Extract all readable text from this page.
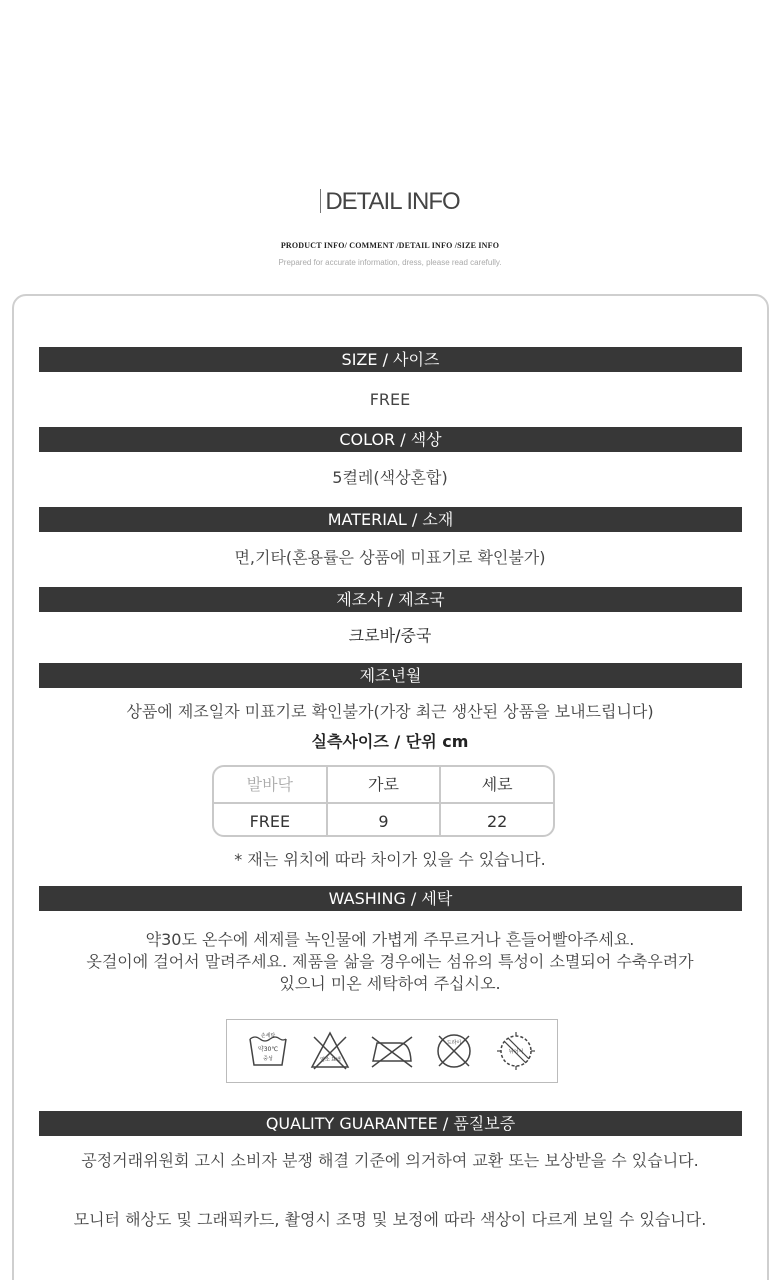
DETAIL INFO
PRODUCT INFO/ COMMENT /DETAIL INFO /SIZE INFO
Prepared for accurate information, dress, please read carefully.
SIZE / 사이즈
FREE
COLOR / 색상
5켤레(색상혼합)
MATERIAL / 소재
면,기타(혼용률은 상품에 미표기로 확인불가)
제조사 / 제조국
크로바/중국
제조년월
상품에 제조일자 미표기로 확인불가(가장 최근 생산된 상품을 보내드립니다)
실측사이즈 / 단위 cm
발바닥	가로	세로
FREE	9	22
* 재는 위치에 따라 차이가 있을 수 있습니다.
WASHING / 세탁
약30도 온수에 세제를 녹인물에 가볍게 주무르거나 흔들어빨아주세요.
옷걸이에 걸어서 말려주세요. 제품을 삶을 경우에는 섬유의 특성이 소멸되어 수축우려가
있으니 미온 세탁하여 주십시오.
손세탁
약30℃
중성	염소 표백
드라이
뉘어서
QUALITY GUARANTEE / 품질보증
공정거래위원회 고시 소비자 분쟁 해결 기준에 의거하여 교환 또는 보상받을 수 있습니다.
모니터 해상도 및 그래픽카드, 촬영시 조명 및 보정에 따라 색상이 다르게 보일 수 있습니다.
